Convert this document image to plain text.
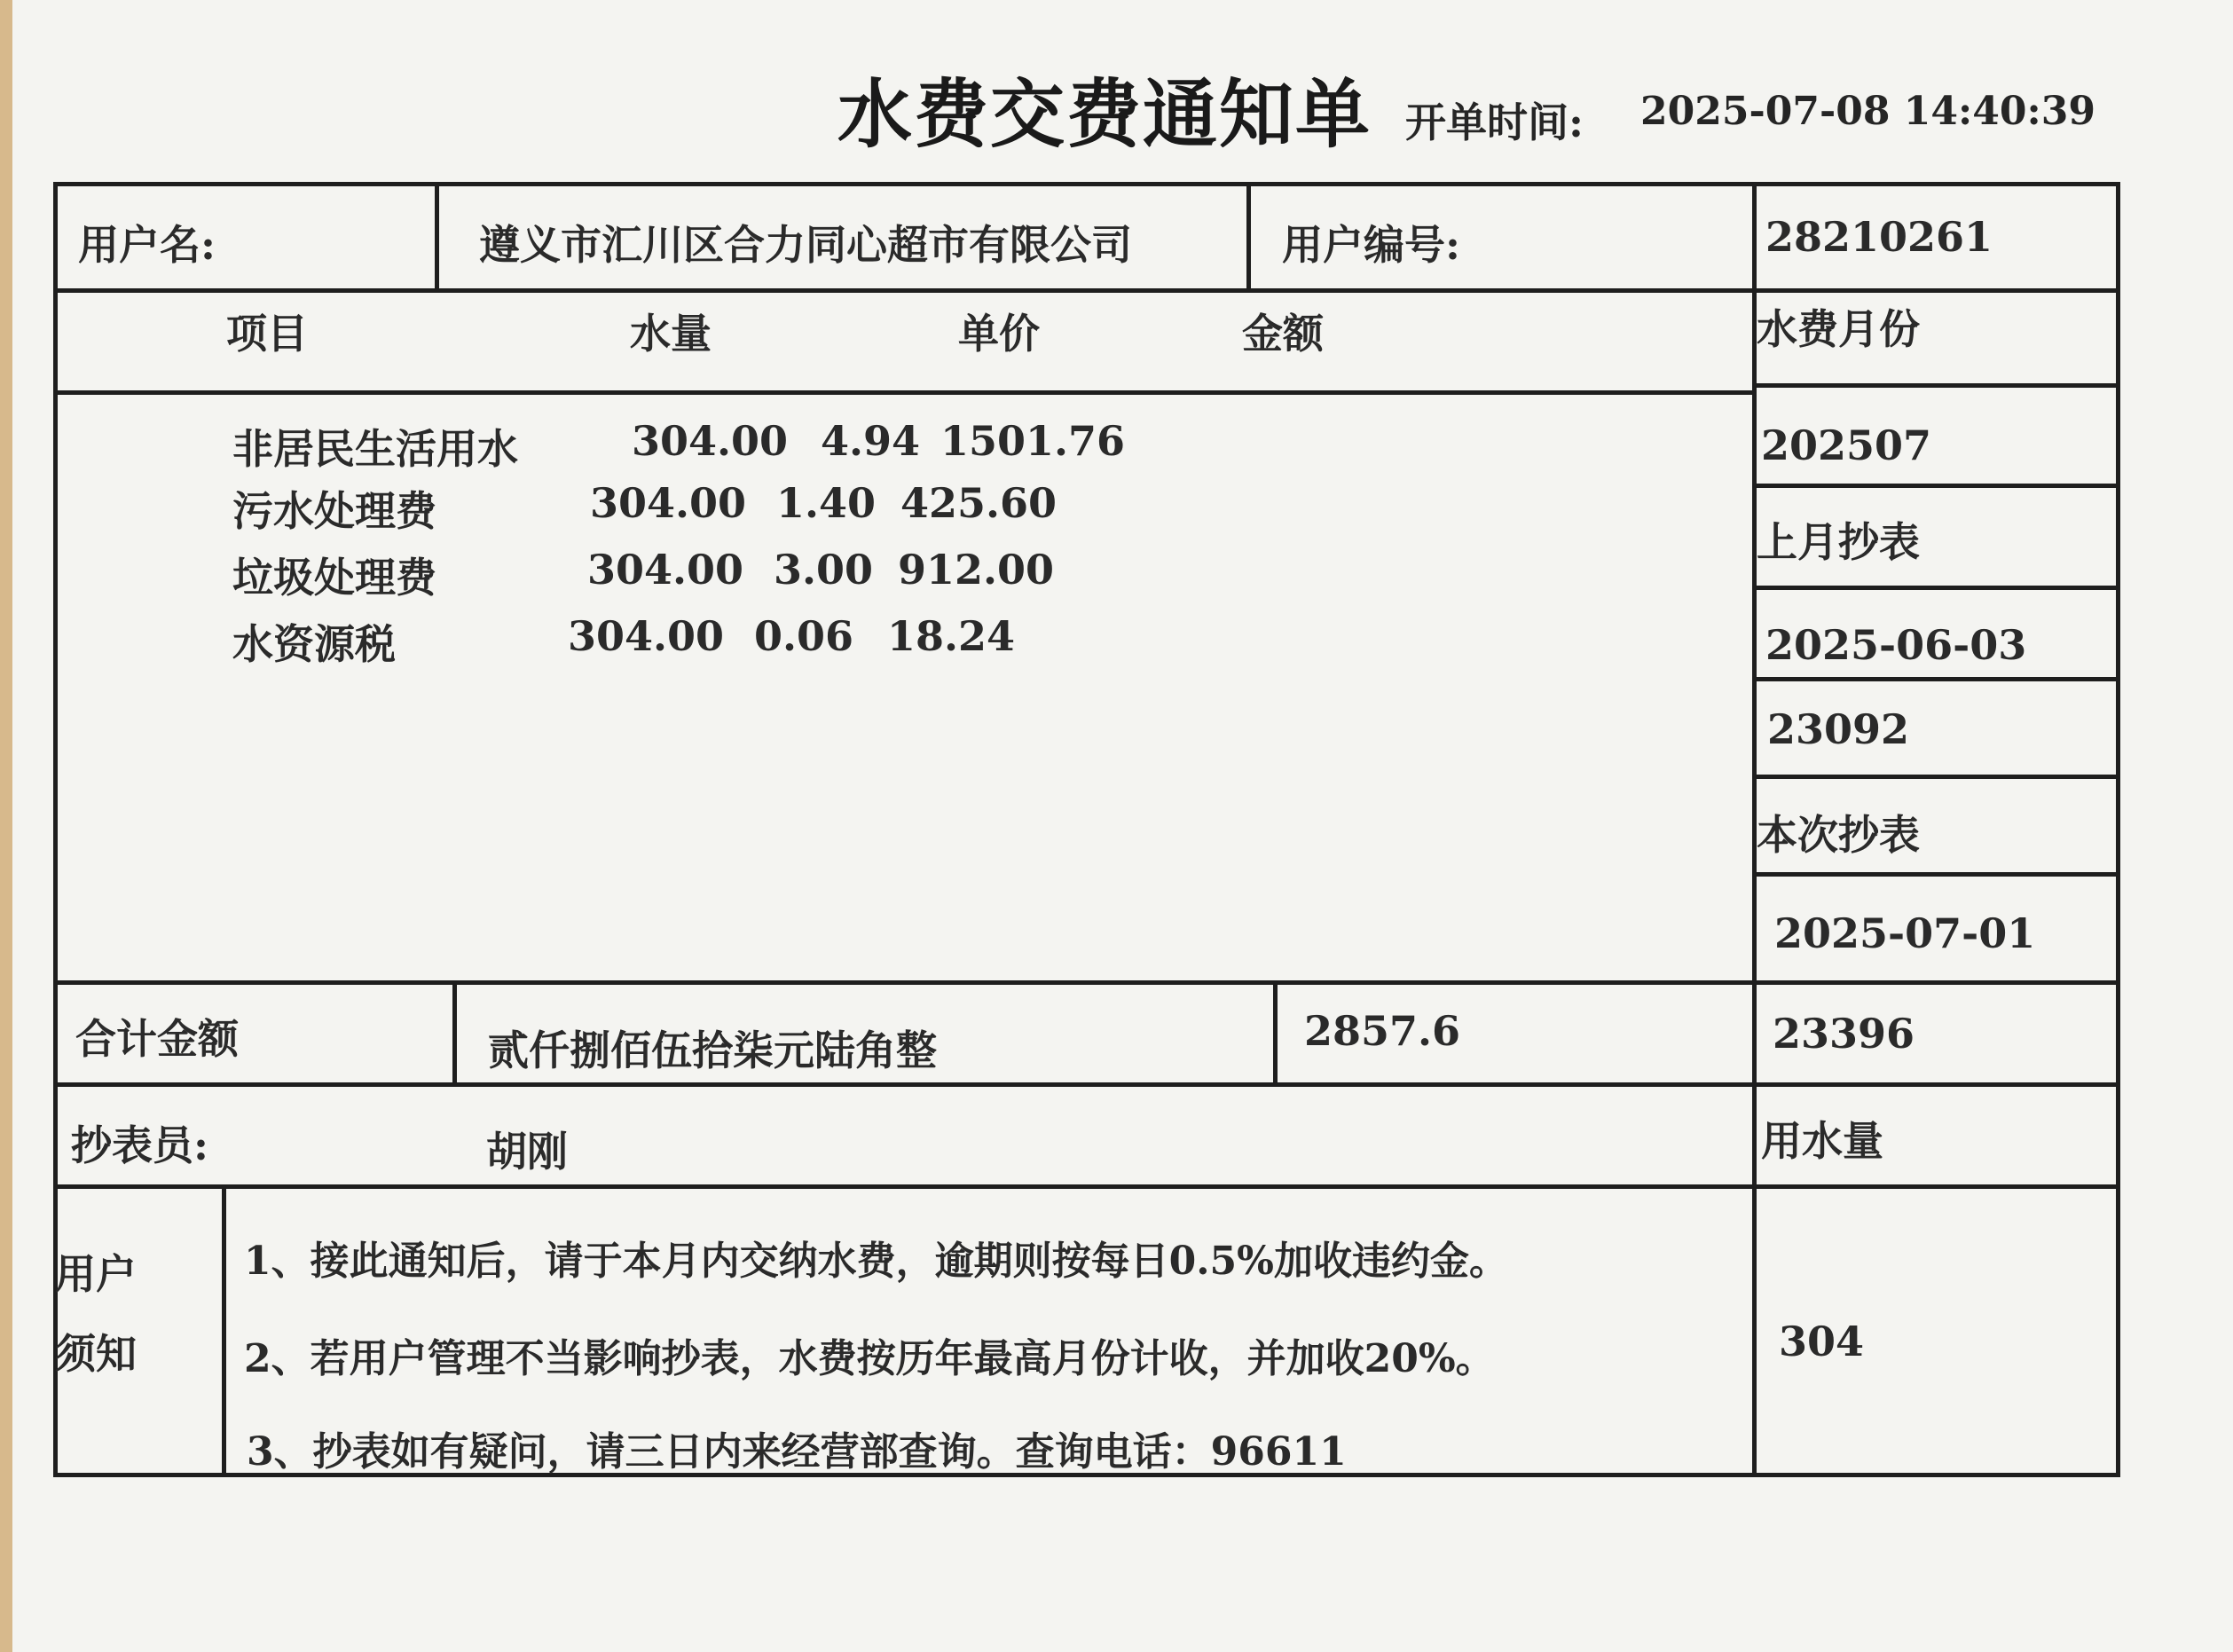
水费交费通知单 开单时间: 2025-07-08 14:40:39
用户名:	遵义市汇川区合力同心超市有限公司	用户编号:	28210261
项目	水量	单价	金额
非居民生活用水	304.00 4.94 1501.76
污水处理费	304.00 1.40 425.60
垃圾处理费	304.00 3.00 912.00
水资源税	304.00 0.06 18.24
水费月份
202507
上月抄表
2025-06-03
23092
本次抄表
2025-07-01
23396
用水量
304
合计金额	贰仟捌佰伍拾柒元陆角整	2857.6
抄表员:	胡刚
用户
须知
1、接此通知后，请于本月内交纳水费，逾期则按每日0.5%加收违约金。
2、若用户管理不当影响抄表，水费按历年最高月份计收，并加收20%。
3、抄表如有疑问，请三日内来经营部查询。查询电话：96611
